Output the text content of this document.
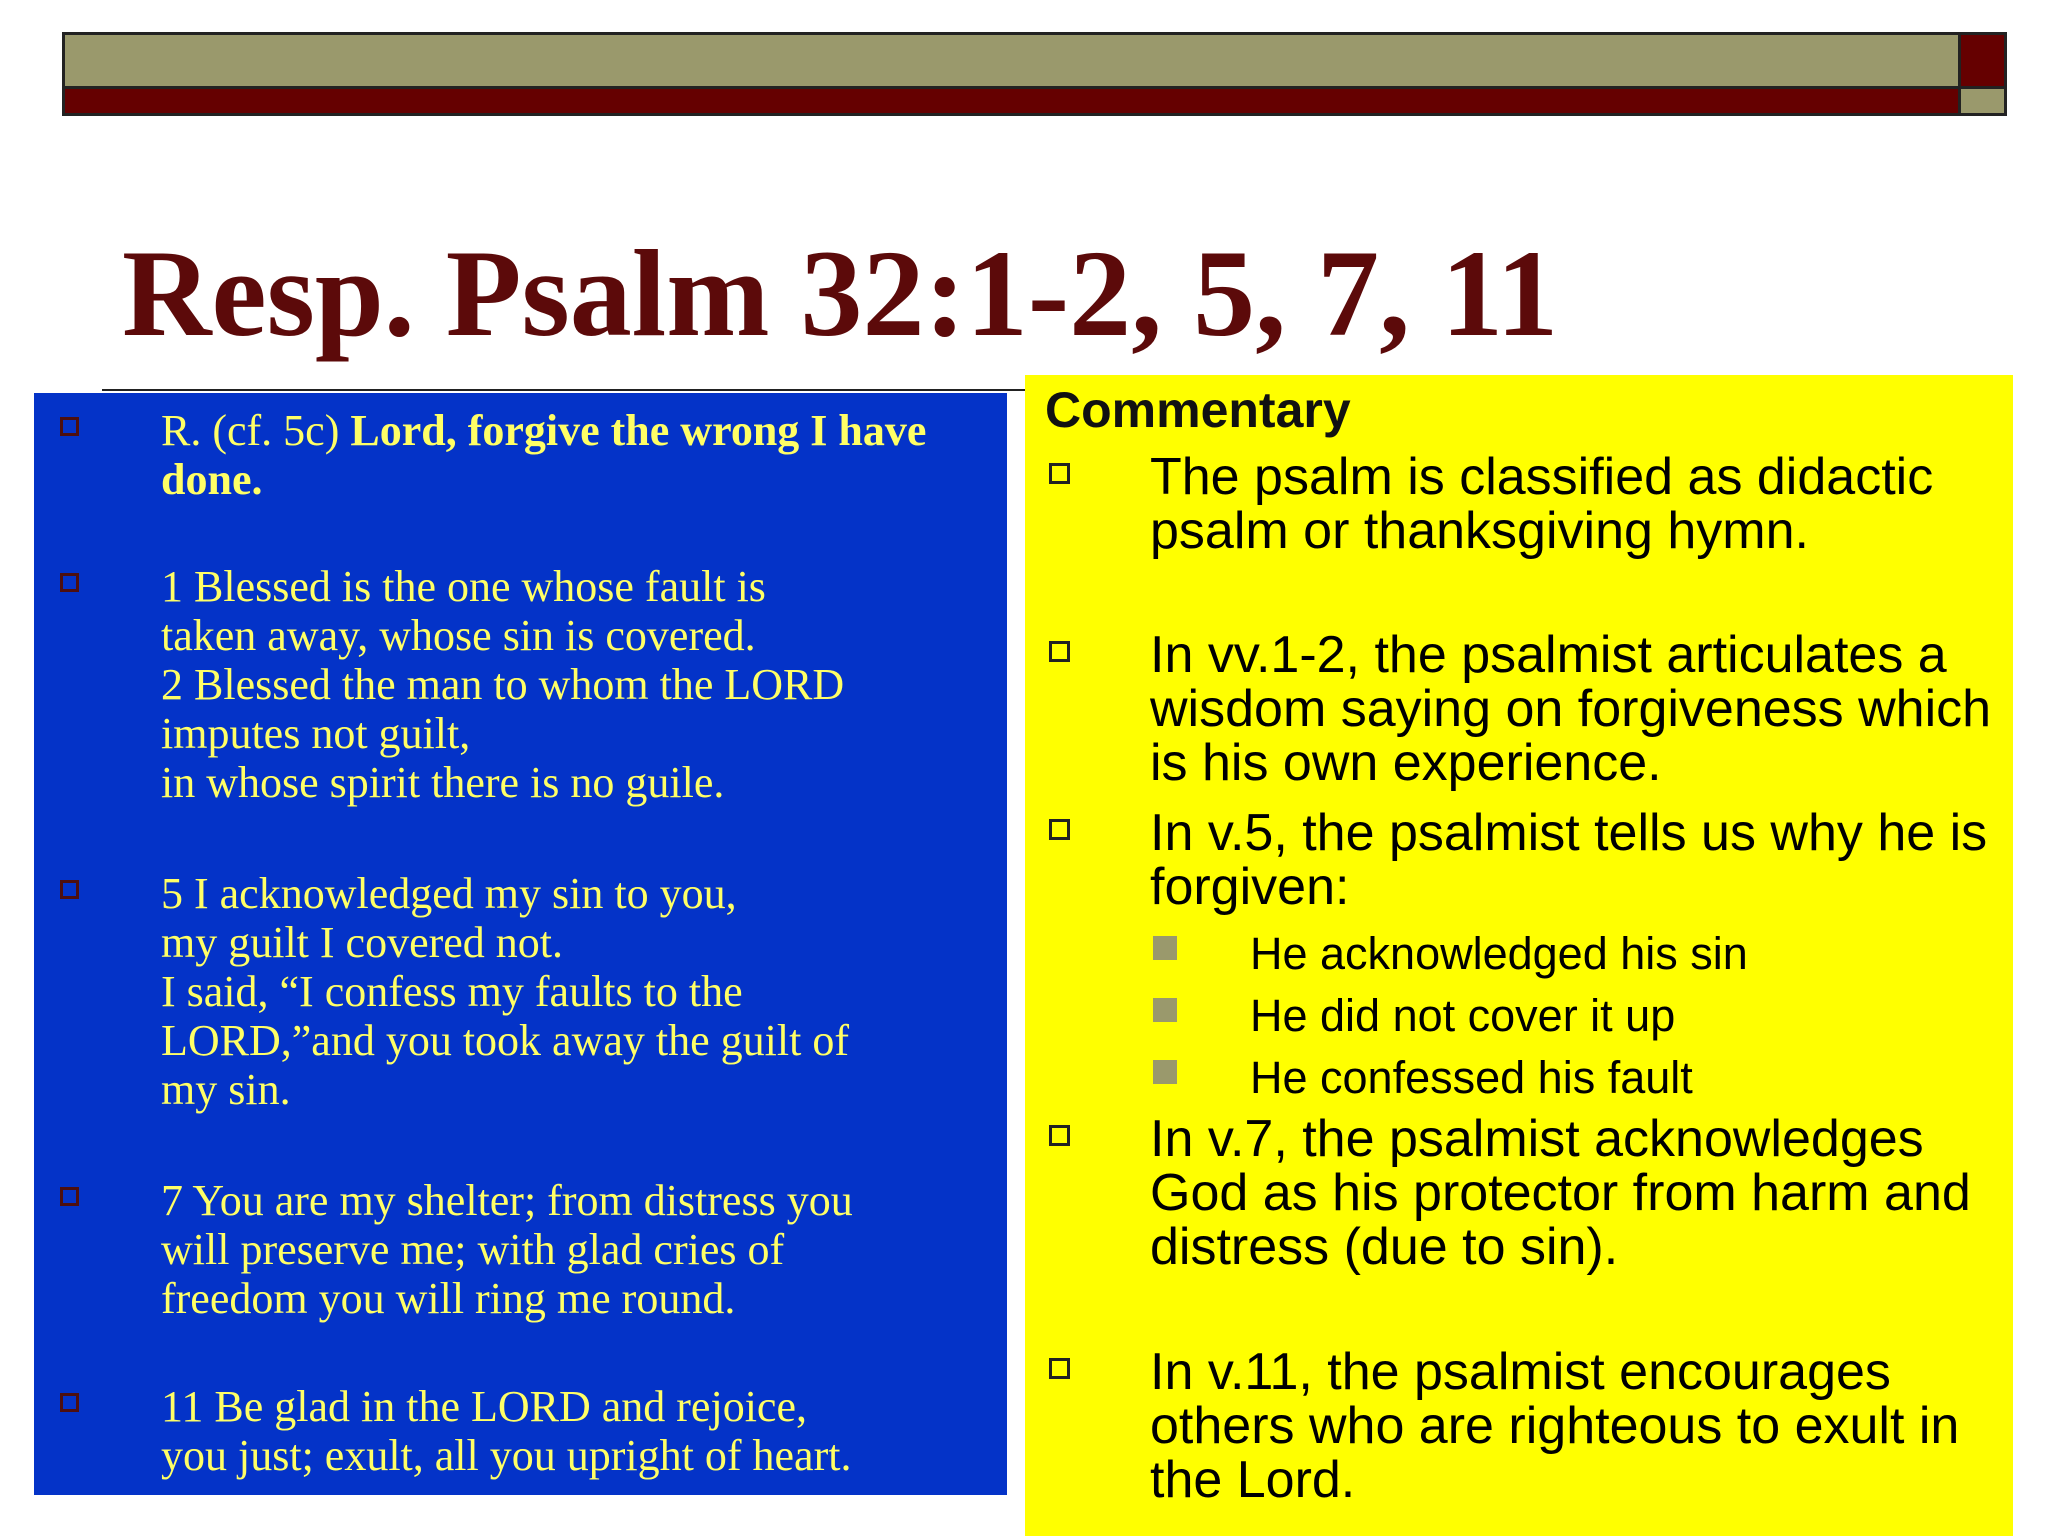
Resp. Psalm 32:1-2, 5, 7, 11
R. (cf. 5c) Lord, forgive the wrong I have done.
1 Blessed is the one whose fault is
taken away, whose sin is covered.
2 Blessed the man to whom the LORD
imputes not guilt,
in whose spirit there is no guile.
5 I acknowledged my sin to you,
my guilt I covered not.
I said, “I confess my faults to the
LORD,”and you took away the guilt of
my sin.
7 You are my shelter; from distress you
will preserve me; with glad cries of
freedom you will ring me round.
11 Be glad in the LORD and rejoice,
you just; exult, all you upright of heart.
Commentary
The psalm is classified as didactic psalm or thanksgiving hymn.
In vv.1-2, the psalmist articulates a wisdom saying on forgiveness which is his own experience.
In v.5, the psalmist tells us why he is forgiven:
He acknowledged his sin
He did not cover it up
He confessed his fault
In v.7, the psalmist acknowledges God as his protector from harm and distress (due to sin).
In v.11, the psalmist encourages others who are righteous to exult in the Lord.
